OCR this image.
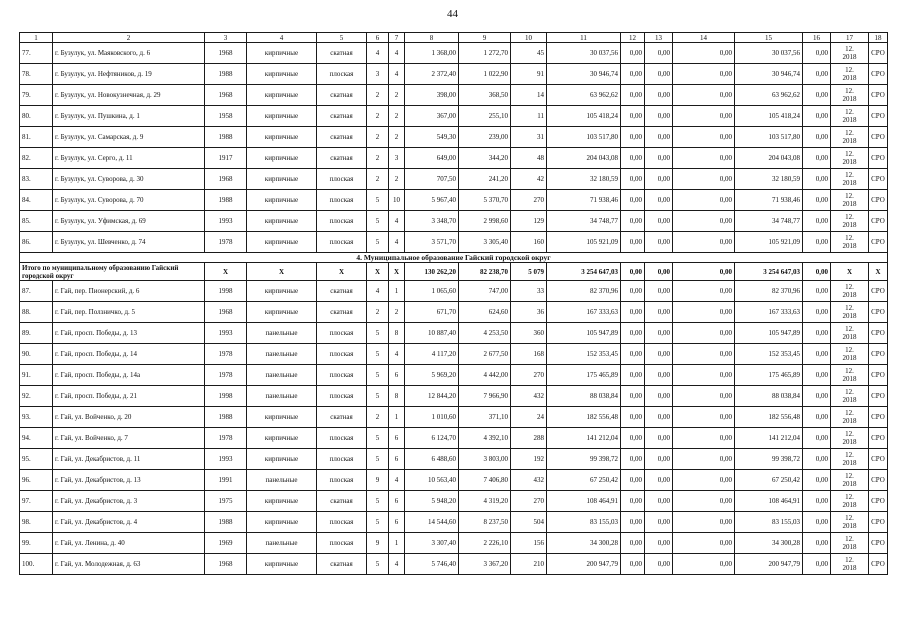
44
1	2	3	4	5	6	7	8	9	10	11	12	13	14	15	16	17	18
77.	г. Бузулук, ул. Маяковского, д. 6	1968	кирпичные	скатная	4	4	1 368,00	1 272,70	45	30 037,56	0,00	0,00	0,00	30 037,56	0,00	12.
2018	СРО
78.	г. Бузулук, ул. Нефтяников, д. 19	1988	кирпичные	плоская	3	4	2 372,40	1 022,90	91	30 946,74	0,00	0,00	0,00	30 946,74	0,00	12.
2018	СРО
79.	г. Бузулук, ул. Новокузнечная, д. 29	1968	кирпичные	скатная	2	2	398,00	368,50	14	63 962,62	0,00	0,00	0,00	63 962,62	0,00	12.
2018	СРО
80.	г. Бузулук, ул. Пушкина, д. 1	1958	кирпичные	скатная	2	2	367,00	255,10	11	105 418,24	0,00	0,00	0,00	105 418,24	0,00	12.
2018	СРО
81.	г. Бузулук, ул. Самарская, д. 9	1988	кирпичные	скатная	2	2	549,30	239,00	31	103 517,80	0,00	0,00	0,00	103 517,80	0,00	12.
2018	СРО
82.	г. Бузулук, ул. Серго, д. 11	1917	кирпичные	скатная	2	3	649,00	344,20	48	204 043,08	0,00	0,00	0,00	204 043,08	0,00	12.
2018	СРО
83.	г. Бузулук, ул. Суворова, д. 30	1968	кирпичные	плоская	2	2	707,50	241,20	42	32 180,59	0,00	0,00	0,00	32 180,59	0,00	12.
2018	СРО
84.	г. Бузулук, ул. Суворова, д. 70	1988	кирпичные	плоская	5	10	5 967,40	5 370,70	270	71 938,46	0,00	0,00	0,00	71 938,46	0,00	12.
2018	СРО
85.	г. Бузулук, ул. Уфимская, д. 69	1993	кирпичные	плоская	5	4	3 348,70	2 998,60	129	34 748,77	0,00	0,00	0,00	34 748,77	0,00	12.
2018	СРО
86.	г. Бузулук, ул. Шевченко, д. 74	1978	кирпичные	плоская	5	4	3 571,70	3 305,40	160	105 921,09	0,00	0,00	0,00	105 921,09	0,00	12.
2018	СРО
4. Муниципальное образование Гайский городской округ																	
Итого по муниципальному образованию Гайский городской округ		X	X	X	X	X	130 262,20	82 238,70	5 079	3 254 647,03	0,00	0,00	0,00	3 254 647,03	0,00	X	X
87.	г. Гай, пер. Пионерский, д. 6	1998	кирпичные	скатная	4	1	1 065,60	747,00	33	82 370,96	0,00	0,00	0,00	82 370,96	0,00	12.
2018	СРО
88.	г. Гай, пер. Ползничко, д. 5	1968	кирпичные	скатная	2	2	671,70	624,60	36	167 333,63	0,00	0,00	0,00	167 333,63	0,00	12.
2018	СРО
89.	г. Гай, просп. Победы, д. 13	1993	панельные	плоская	5	8	10 887,40	4 253,50	360	105 947,89	0,00	0,00	0,00	105 947,89	0,00	12.
2018	СРО
90.	г. Гай, просп. Победы, д. 14	1978	панельные	плоская	5	4	4 117,20	2 677,50	168	152 353,45	0,00	0,00	0,00	152 353,45	0,00	12.
2018	СРО
91.	г. Гай, просп. Победы, д. 14а	1978	панельные	плоская	5	6	5 969,20	4 442,00	270	175 465,89	0,00	0,00	0,00	175 465,89	0,00	12.
2018	СРО
92.	г. Гай, просп. Победы, д. 21	1998	панельные	плоская	5	8	12 844,20	7 966,90	432	88 038,84	0,00	0,00	0,00	88 038,84	0,00	12.
2018	СРО
93.	г. Гай, ул. Войченко, д. 20	1988	кирпичные	скатная	2	1	1 010,60	371,10	24	182 556,48	0,00	0,00	0,00	182 556,48	0,00	12.
2018	СРО
94.	г. Гай, ул. Войченко, д. 7	1978	кирпичные	плоская	5	6	6 124,70	4 392,10	288	141 212,04	0,00	0,00	0,00	141 212,04	0,00	12.
2018	СРО
95.	г. Гай, ул. Декабристов, д. 11	1993	кирпичные	плоская	5	6	6 488,60	3 803,00	192	99 398,72	0,00	0,00	0,00	99 398,72	0,00	12.
2018	СРО
96.	г. Гай, ул. Декабристов, д. 13	1991	панельные	плоская	9	4	10 563,40	7 406,80	432	67 250,42	0,00	0,00	0,00	67 250,42	0,00	12.
2018	СРО
97.	г. Гай, ул. Декабристов, д. 3	1975	кирпичные	скатная	5	6	5 948,20	4 319,20	270	108 464,91	0,00	0,00	0,00	108 464,91	0,00	12.
2018	СРО
98.	г. Гай, ул. Декабристов, д. 4	1988	кирпичные	плоская	5	6	14 544,60	8 237,50	504	83 155,03	0,00	0,00	0,00	83 155,03	0,00	12.
2018	СРО
99.	г. Гай, ул. Ленина, д. 40	1969	панельные	плоская	9	1	3 307,40	2 226,10	156	34 300,28	0,00	0,00	0,00	34 300,28	0,00	12.
2018	СРО
100.	г. Гай, ул. Молодежная, д. 63	1968	кирпичные	скатная	5	4	5 746,40	3 367,20	210	200 947,79	0,00	0,00	0,00	200 947,79	0,00	12.
2018	СРО
